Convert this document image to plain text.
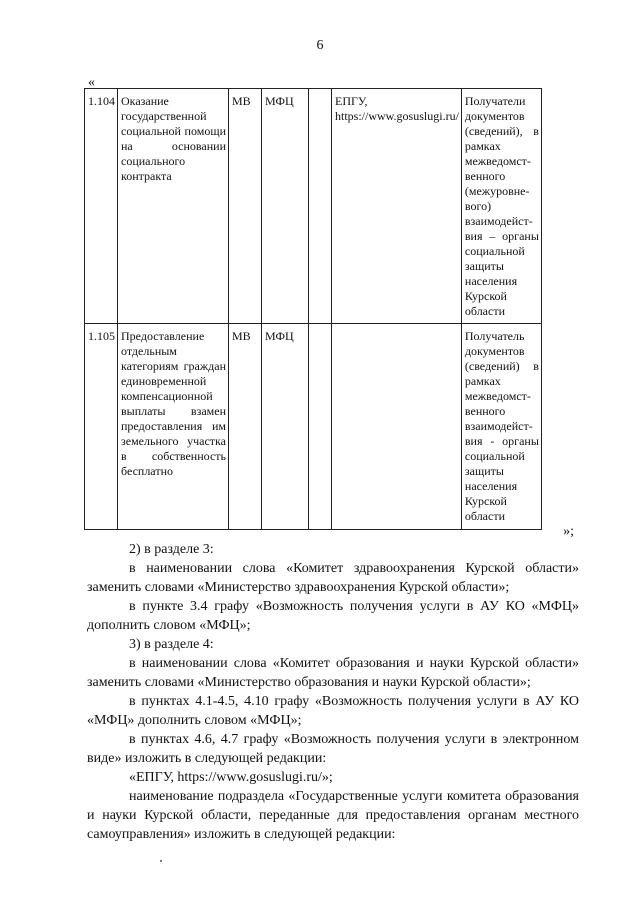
6
«
1.104	Оказание государственной социальной помощи на основании социального контракта	МВ	МФЦ		ЕПГУ, https://www.gosuslugi.ru/	Получатели документов (сведений), в рамках межведомст-венного (межуровне-вого) взаимодейст-вия – органы социальной защиты населения Курской области
1.105	Предоставление отдельным категориям граждан единовременной компенсационной выплаты взамен предоставления им земельного участка в собственность бесплатно	МВ	МФЦ			Получатель документов (сведений) в рамках межведомст-венного взаимодейст-вия - органы социальной защиты населения Курской области
»;

2) в разделе 3:

в наименовании слова «Комитет здравоохранения Курской области» заменить словами «Министерство здравоохранения Курской области»;

в пункте 3.4 графу «Возможность получения услуги в АУ КО «МФЦ» дополнить словом «МФЦ»;

3) в разделе 4:

в наименовании слова «Комитет образования и науки Курской области» заменить словами «Министерство образования и науки Курской области»;

в пунктах 4.1-4.5, 4.10 графу «Возможность получения услуги в АУ КО «МФЦ» дополнить словом «МФЦ»;

в пунктах 4.6, 4.7 графу «Возможность получения услуги в электронном виде» изложить в следующей редакции:

«ЕПГУ, https://www.gosuslugi.ru/»;

наименование подраздела «Государственные услуги комитета образования и науки Курской области, переданные для предоставления органам местного самоуправления» изложить в следующей редакции:
